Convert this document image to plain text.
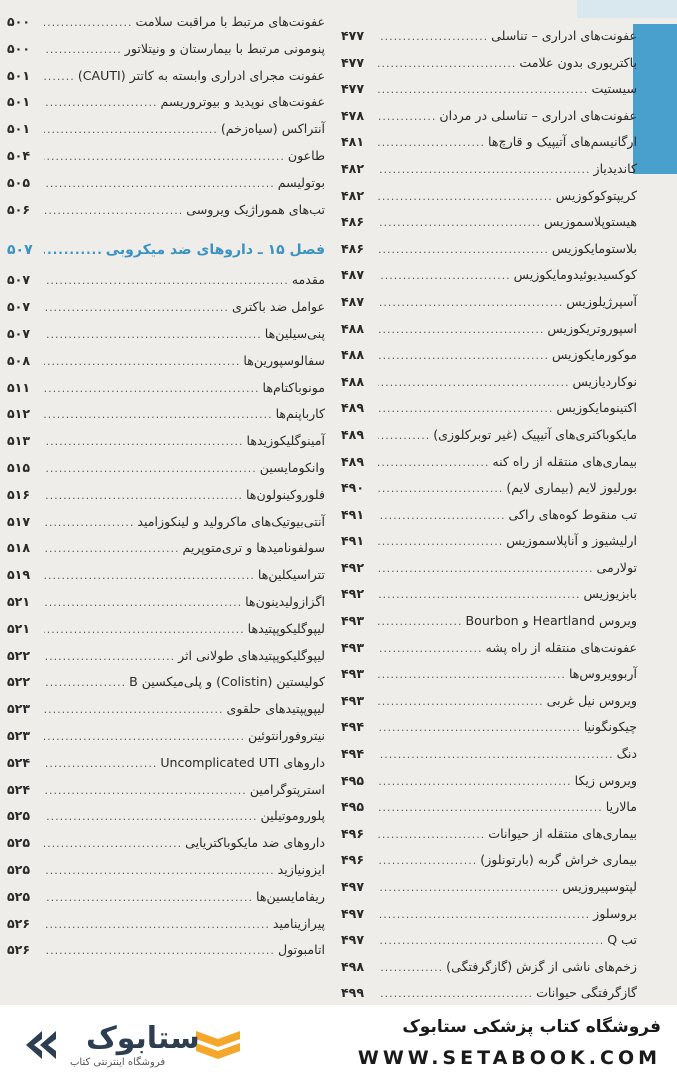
عفونت‌های ادراری – تناسلی
.....
۴۷۷
باکتریوری بدون علامت
.....
۴۷۷
سیستیت
.....
۴۷۷
عفونت‌های ادراری – تناسلی در مردان
.....
۴۷۸
ارگانیسم‌های آتیپیک و قارچ‌ها
.....
۴۸۱
کاندیدیاز
.....
۴۸۲
کریپتوکوکوزیس
.....
۴۸۲
هیستوپلاسموزیس
.....
۴۸۶
بلاستومایکوزیس
.....
۴۸۶
کوکسیدیوئیدومایکوزیس
.....
۴۸۷
آسپرژیلوزیس
.....
۴۸۷
اسپوروتریکوزیس
.....
۴۸۸
موکورمایکوزیس
.....
۴۸۸
نوکاردیازیس
.....
۴۸۸
اکتینومایکوزیس
.....
۴۸۹
مایکوباکتری‌های آتیپیک (غیر توبرکلوزی)
.....
۴۸۹
بیماری‌های منتقله از راه کنه
.....
۴۸۹
بورلیوز لایم (بیماری لایم)
.....
۴۹۰
تب منقوط کوه‌های راکی
.....
۴۹۱
ارلیشیوز و آناپلاسموزیس
.....
۴۹۱
تولارمی
.....
۴۹۲
بابزیوزیس
.....
۴۹۲
ویروس Heartland و Bourbon
.....
۴۹۳
عفونت‌های منتقله از راه پشه
.....
۴۹۳
آربوویروس‌ها
.....
۴۹۳
ویروس نیل غربی
.....
۴۹۳
چیکونگونیا
.....
۴۹۴
دنگ
.....
۴۹۴
ویروس زیکا
.....
۴۹۵
مالاریا
.....
۴۹۵
بیماری‌های منتقله از حیوانات
.....
۴۹۶
بیماری خراش گربه (بارتونلوز)
.....
۴۹۶
لپتوسپیروزیس
.....
۴۹۷
بروسلوز
.....
۴۹۷
تب Q
.....
۴۹۷
زخم‌های ناشی از گزش (گازگرفتگی)
.....
۴۹۸
گازگرفتگی حیوانات
.....
۴۹۹
عفونت‌های مرتبط با مراقبت سلامت
.....
۵۰۰
پنومونی مرتبط با بیمارستان و ونیتلاتور
.....
۵۰۰
عفونت مجرای ادراری وابسته به کاتتر (CAUTI)
.....
۵۰۱
عفونت‌های نوپدید و بیوتروریسم
.....
۵۰۱
آنتراکس (سیاه‌زخم)
.....
۵۰۱
طاعون
.....
۵۰۴
بوتولیسم
.....
۵۰۵
تب‌های هموراژیک ویروسی
.....
۵۰۶
فصل ۱۵ ـ داروهای ضد میکروبی
.....
۵۰۷
مقدمه
.....
۵۰۷
عوامل ضد باکتری
.....
۵۰۷
پنی‌سیلین‌ها
.....
۵۰۷
سفالوسپورین‌ها
.....
۵۰۸
مونوباکتام‌ها
.....
۵۱۱
کارباپنم‌ها
.....
۵۱۲
آمینوگلیکوزیدها
.....
۵۱۳
وانکومایسین
.....
۵۱۵
فلوروکینولون‌ها
.....
۵۱۶
آنتی‌بیوتیک‌های ماکرولید و لینکوزامید
.....
۵۱۷
سولفونامیدها و تری‌متوپریم
.....
۵۱۸
تتراسیکلین‌ها
.....
۵۱۹
اگزازولیدینون‌ها
.....
۵۲۱
لیپوگلیکوپپتیدها
.....
۵۲۱
لیپوگلیکوپپتیدهای طولانی اثر
.....
۵۲۲
کولیستین (Colistin) و پلی‌میکسین B
.....
۵۲۲
لیپوپپتیدهای حلقوی
.....
۵۲۳
نیتروفورانتوئین
.....
۵۲۳
داروهای Uncomplicated UTI
.....
۵۲۴
استرپتوگرامین
.....
۵۲۴
پلوروموتیلین
.....
۵۲۵
داروهای ضد مایکوباکتریایی
.....
۵۲۵
ایزونیازید
.....
۵۲۵
ریفامایسین‌ها
.....
۵۲۵
پیرازینامید
.....
۵۲۶
اتامبوتول
.....
۵۲۶
ستابوک
فروشگاه اینترنتی کتاب
فروشگاه کتاب پزشکی ستابوک
WWW.SETABOOK.COM
